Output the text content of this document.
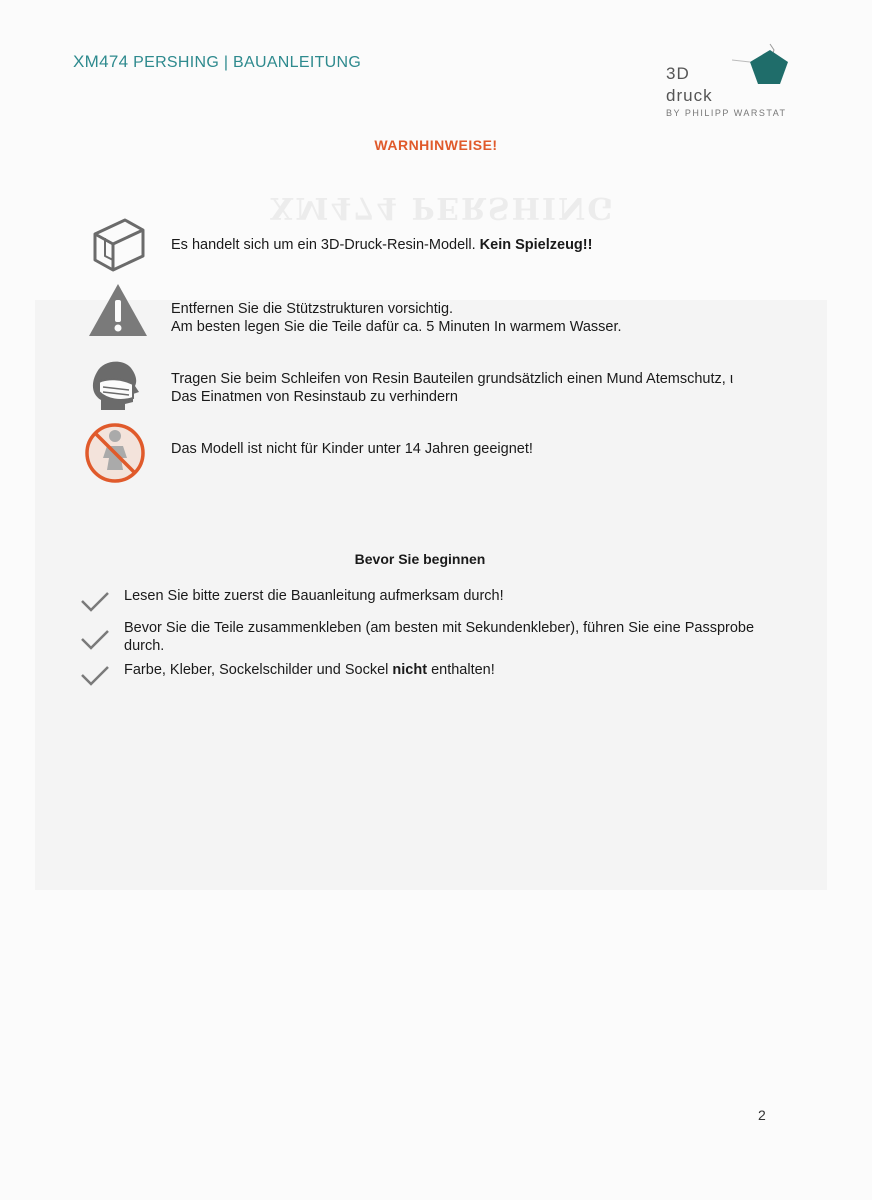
XM474 PERSHING
XM474 PERSHING | BAUANLEITUNG
3D
druck
BY PHILIPP WARSTAT
WARNHINWEISE!
Es handelt sich um ein 3D-Druck-Resin-Modell. Kein Spielzeug!!
Entfernen Sie die Stützstrukturen vorsichtig.
Am besten legen Sie die Teile dafür ca. 5 Minuten In warmem Wasser.
Tragen Sie beim Schleifen von Resin Bauteilen grundsätzlich einen Mund Atemschutz, ι
Das Einatmen von Resinstaub zu verhindern
Das Modell ist nicht für Kinder unter 14 Jahren geeignet!
Bevor Sie beginnen
Lesen Sie bitte zuerst die Bauanleitung aufmerksam durch!
Bevor Sie die Teile zusammenkleben (am besten mit Sekundenkleber), führen Sie eine Passprobe durch.
Farbe, Kleber, Sockelschilder und Sockel nicht enthalten!
2
